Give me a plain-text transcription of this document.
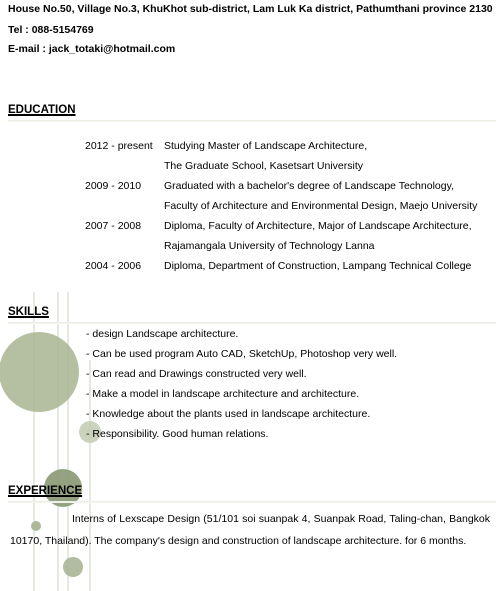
House No.50, Village No.3, KhuKhot sub-district, Lam Luk Ka district, Pathumthani province 2130
Tel : 088-5154769
E-mail : jack_totaki@hotmail.com
EDUCATION
2012 - present Studying Master of Landscape Architecture,
The Graduate School, Kasetsart University
2009 - 2010 Graduated with a bachelor's degree of Landscape Technology,
Faculty of Architecture and Environmental Design, Maejo University
2007 - 2008 Diploma, Faculty of Architecture, Major of Landscape Architecture,
Rajamangala University of Technology Lanna
2004 - 2006 Diploma, Department of Construction, Lampang Technical College
SKILLS
- design Landscape architecture.
- Can be used program Auto CAD, SketchUp, Photoshop very well.
- Can read and Drawings constructed very well.
- Make a model in landscape architecture and architecture.
- Knowledge about the plants used in landscape architecture.
- Responsibility. Good human relations.
EXPERIENCE
Interns of Lexscape Design (51/101 soi suanpak 4, Suanpak Road, Taling-chan, Bangkok 10170, Thailand). The company's design and construction of landscape architecture. for 6 months.
